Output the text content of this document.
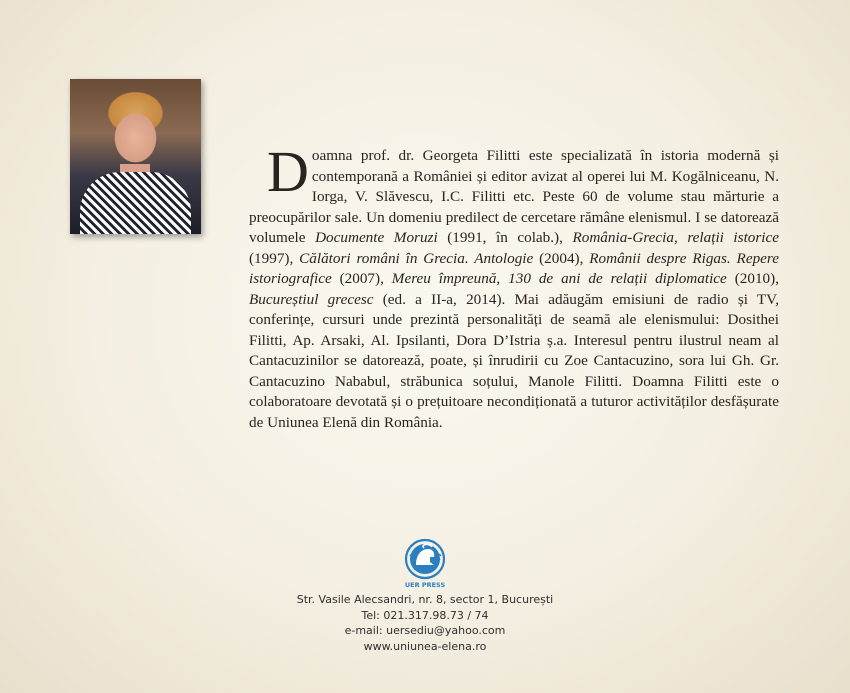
Doamna prof. dr. Georgeta Filitti este specializată în istoria modernă și contemporană a României și editor avizat al operei lui M. Kogălniceanu, N. Iorga, V. Slăvescu, I.C. Filitti etc. Peste 60 de volume stau mărturie a preocupărilor sale. Un domeniu predilect de cercetare rămâne elenismul. I se datorează volumele Documente Moruzi (1991, în colab.), România-Grecia, relații istorice (1997), Călători români în Grecia. Antologie (2004), Românii despre Rigas. Repere istoriografice (2007), Mereu împreună, 130 de ani de relații diplomatice (2010), Bucureștiul grecesc (ed. a II-a, 2014). Mai adăugăm emisiuni de radio și TV, conferințe, cursuri unde prezintă personalități de seamă ale elenismului: Dosithei Filitti, Ap. Arsaki, Al. Ipsilanti, Dora D’Istria ș.a. Interesul pentru ilustrul neam al Cantacuzinilor se datorează, poate, și înrudirii cu Zoe Cantacuzino, sora lui Gh. Gr. Cantacuzino Nababul, străbunica soțului, Manole Filitti. Doamna Filitti este o colaboratoare devotată și o prețuitoare necondiționată a tuturor activităților desfășurate de Uniunea Elenă din România.

UER PRESS
Str. Vasile Alecsandri, nr. 8, sector 1, București
Tel: 021.317.98.73 / 74
e-mail: uersediu@yahoo.com
www.uniunea-elena.ro
